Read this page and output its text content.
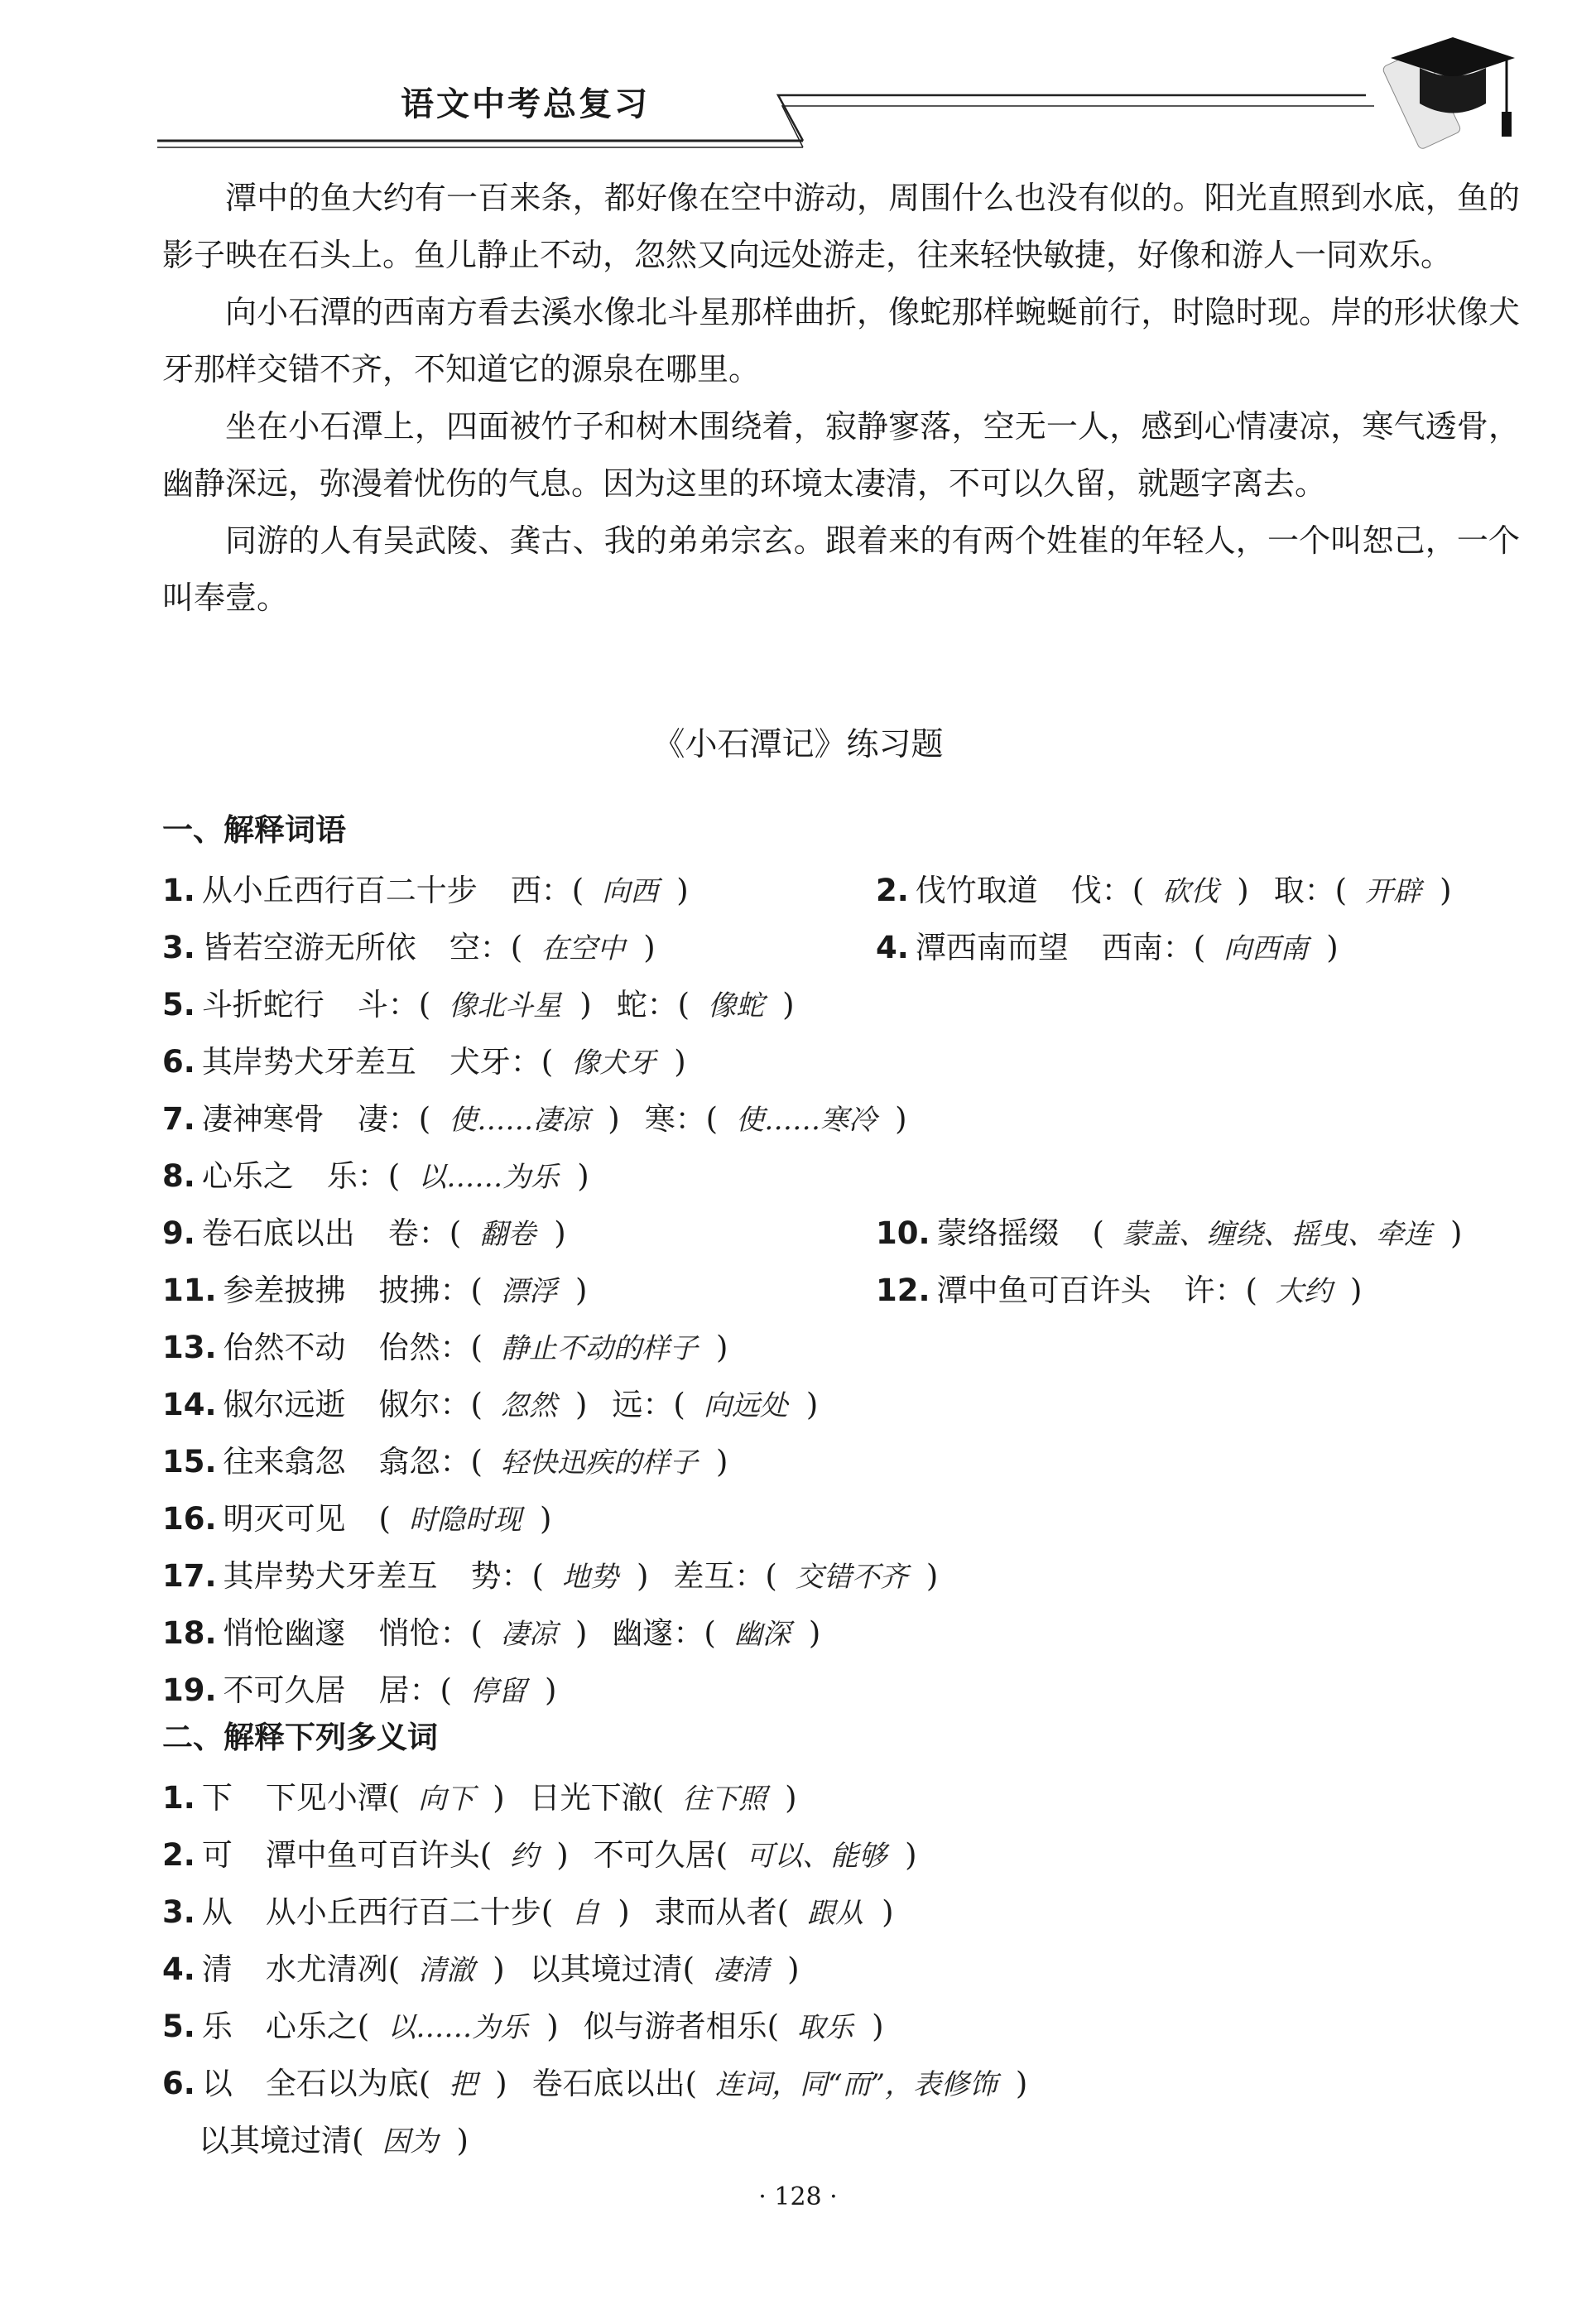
语文中考总复习

潭中的鱼大约有一百来条，都好像在空中游动，周围什么也没有似的。阳光直照到水底，鱼的影子映在石头上。鱼儿静止不动，忽然又向远处游走，往来轻快敏捷，好像和游人一同欢乐。

向小石潭的西南方看去溪水像北斗星那样曲折，像蛇那样蜿蜒前行，时隐时现。岸的形状像犬牙那样交错不齐，不知道它的源泉在哪里。

坐在小石潭上，四面被竹子和树木围绕着，寂静寥落，空无一人，感到心情凄凉，寒气透骨，幽静深远，弥漫着忧伤的气息。因为这里的环境太凄清，不可以久留，就题字离去。

同游的人有吴武陵、龚古、我的弟弟宗玄。跟着来的有两个姓崔的年轻人，一个叫恕己，一个叫奉壹。

《小石潭记》练习题
一、解释词语
1. 从小丘西行百二十步 西：( 向西 )	2. 伐竹取道 伐：( 砍伐 ) 取：( 开辟 )
3. 皆若空游无所依 空：( 在空中 )	4. 潭西南而望 西南：( 向西南 )
5. 斗折蛇行 斗：( 像北斗星 ) 蛇：( 像蛇 )
6. 其岸势犬牙差互 犬牙：( 像犬牙 )
7. 凄神寒骨 凄：( 使……凄凉 ) 寒：( 使……寒冷 )
8. 心乐之 乐：( 以……为乐 )
9. 卷石底以出 卷：( 翻卷 )	10. 蒙络摇缀 ( 蒙盖、缠绕、摇曳、牵连 )
11. 参差披拂 披拂：( 漂浮 )	12. 潭中鱼可百许头 许：( 大约 )
13. 佁然不动 佁然：( 静止不动的样子 )
14. 俶尔远逝 俶尔：( 忽然 ) 远：( 向远处 )
15. 往来翕忽 翕忽：( 轻快迅疾的样子 )
16. 明灭可见 ( 时隐时现 )
17. 其岸势犬牙差互 势：( 地势 ) 差互：( 交错不齐 )
18. 悄怆幽邃 悄怆：( 凄凉 ) 幽邃：( 幽深 )
19. 不可久居 居：( 停留 )
二、解释下列多义词
1. 下 下见小潭( 向下 ) 日光下澈( 往下照 )
2. 可 潭中鱼可百许头( 约 ) 不可久居( 可以、能够 )
3. 从 从小丘西行百二十步( 自 ) 隶而从者( 跟从 )
4. 清 水尤清冽( 清澈 ) 以其境过清( 凄清 )
5. 乐 心乐之( 以……为乐 ) 似与游者相乐( 取乐 )
6. 以 全石以为底( 把 ) 卷石底以出( 连词，同“而”，表修饰 )
以其境过清( 因为 )
· 128 ·
